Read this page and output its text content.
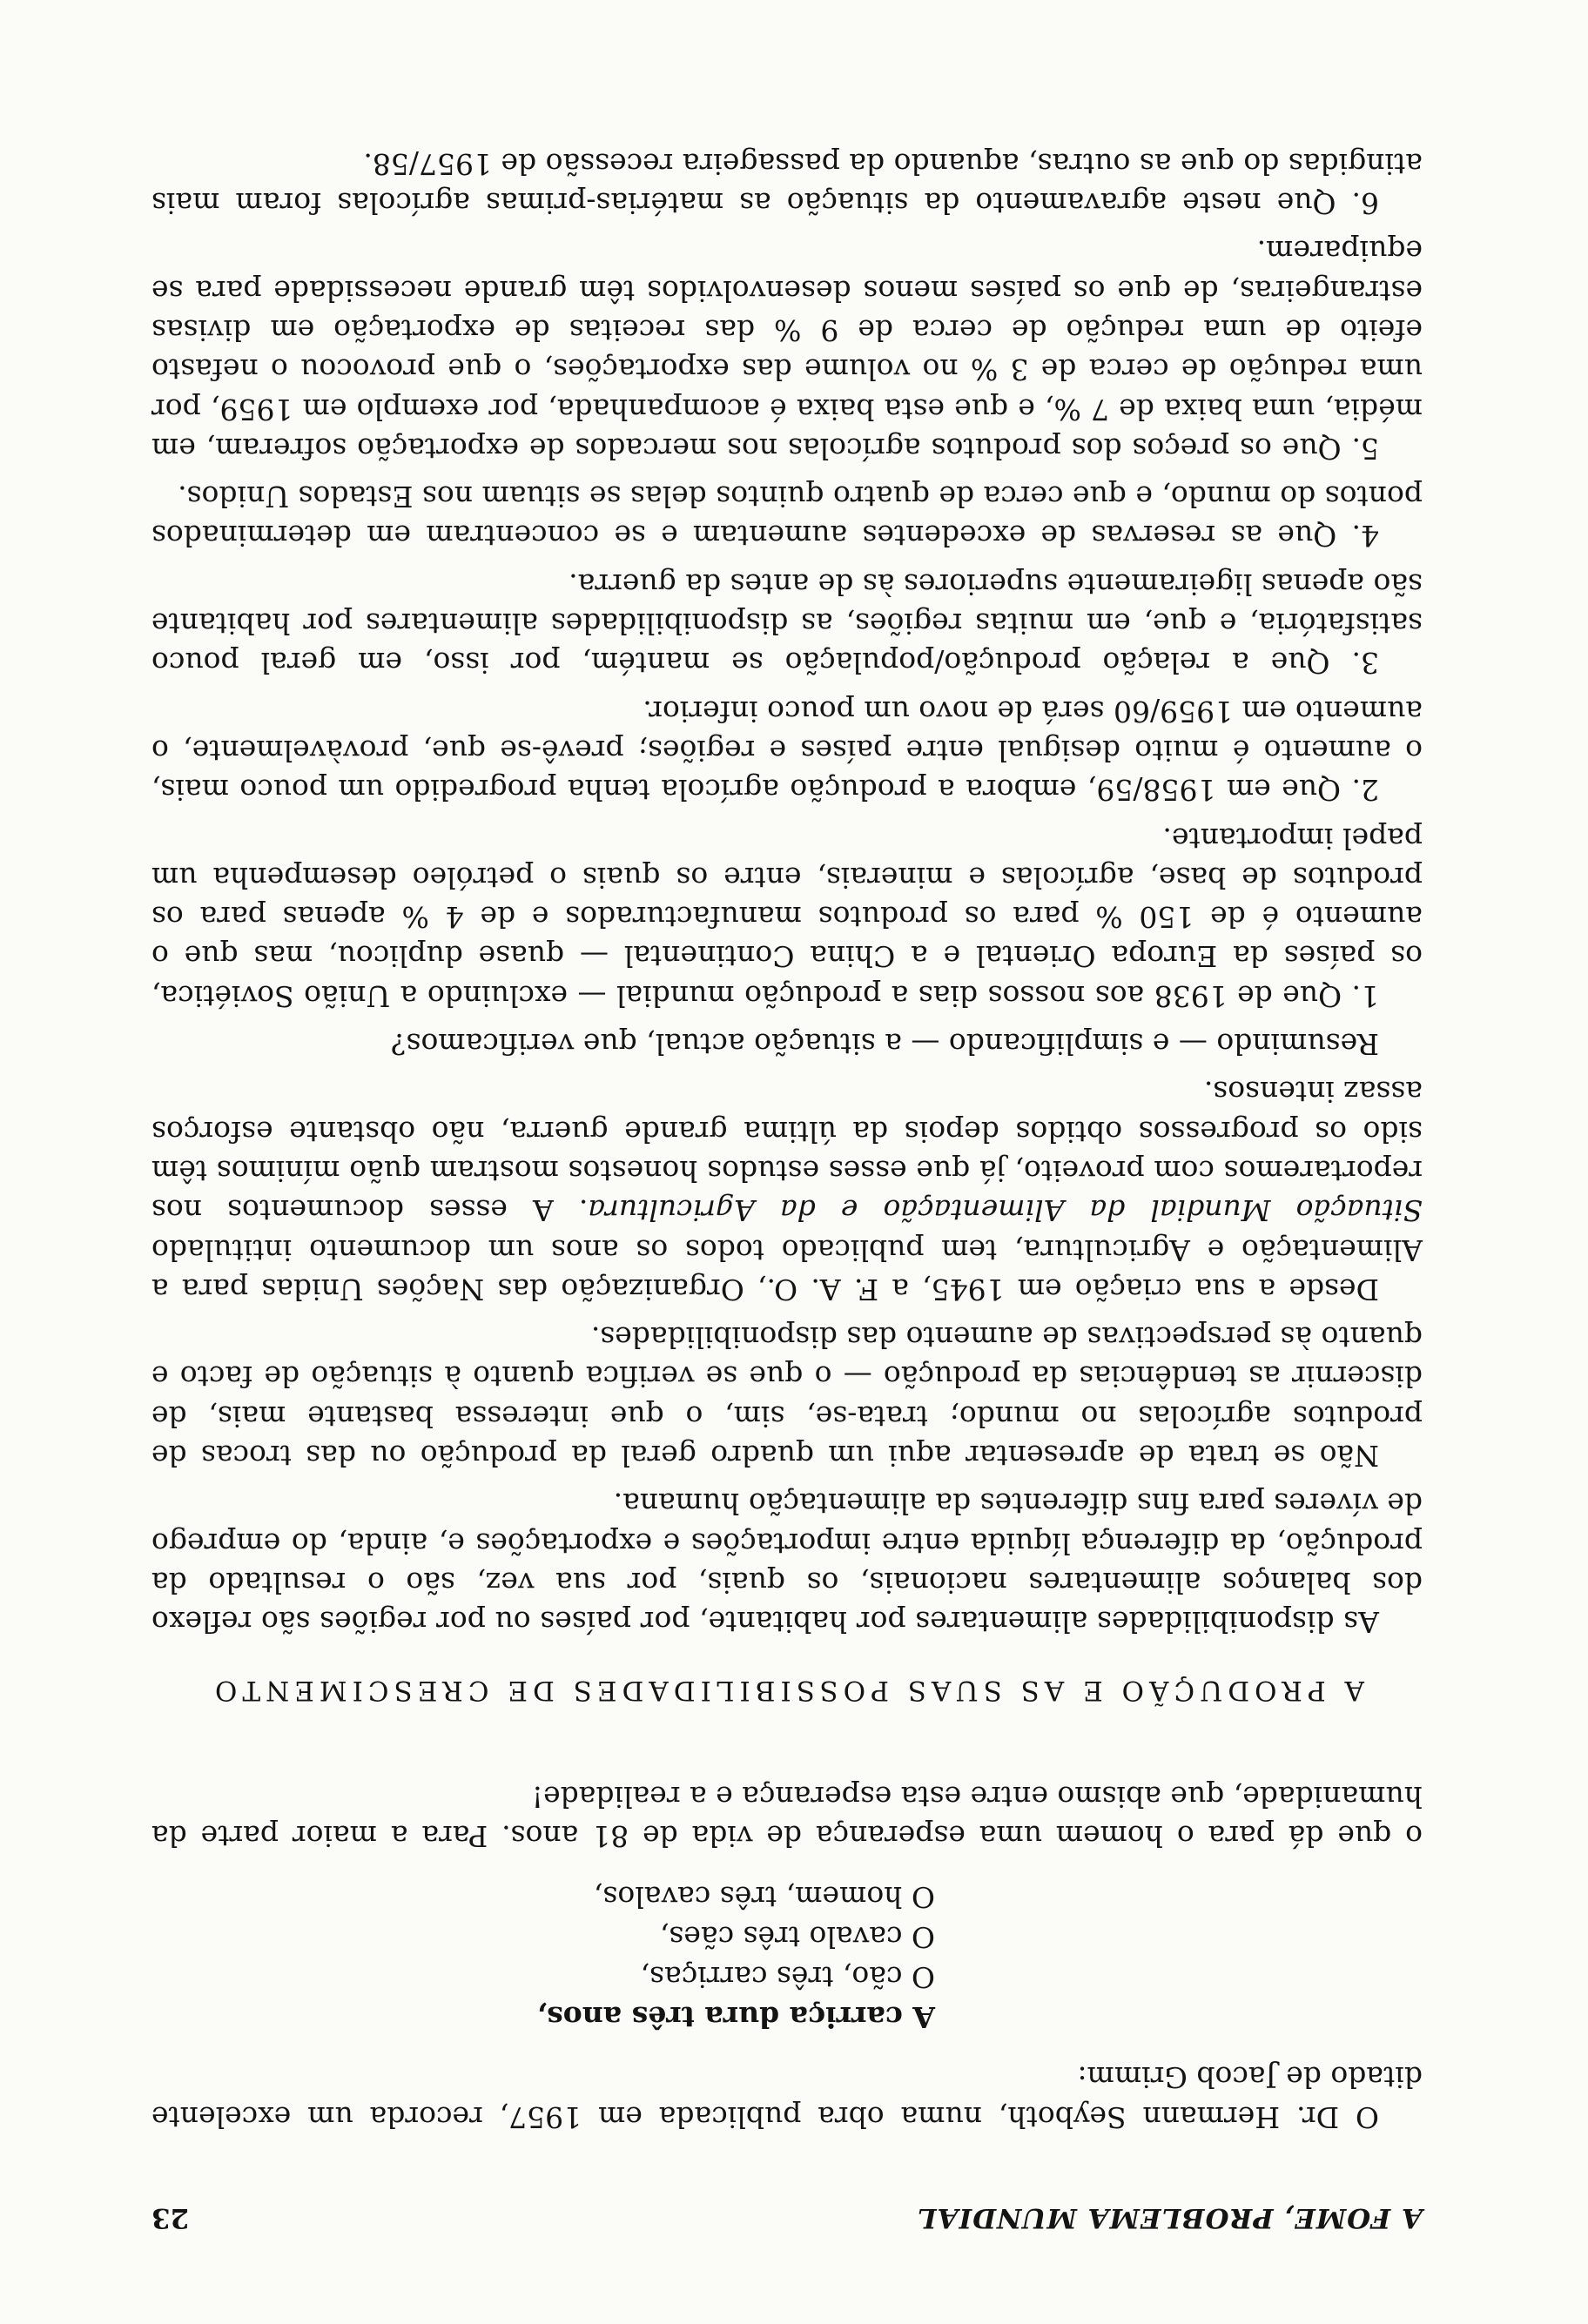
A FOME, PROBLEMA MUNDIAL
23

O Dr. Hermann Seyboth, numa obra publicada em 1957, recorda um excelente ditado de Jacob Grimm:

A carriça dura três anos,
O cão, três carriças,
O cavalo três cães,
O homem, três cavalos,

o que dá para o homem uma esperança de vida de 81 anos. Para a maior parte da humanidade, que abismo entre esta esperança e a realidade!

A PRODUÇÃO E AS SUAS POSSIBILIDADES DE CRESCIMENTO

As disponibilidades alimentares por habitante, por países ou por regiões são reflexo dos balanços alimentares nacionais, os quais, por sua vez, são o resultado da produção, da diferença líquida entre importações e exportações e, ainda, do emprego de víveres para fins diferentes da alimentação humana.

Não se trata de apresentar aqui um quadro geral da produção ou das trocas de produtos agrícolas no mundo; trata-se, sim, o que interessa bastante mais, de discernir as tendências da produção — o que se verifica quanto à situação de facto e quanto às perspectivas de aumento das disponibilidades.

Desde a sua criação em 1945, a F. A. O., Organização das Nações Unidas para a Alimentação e Agricultura, tem publicado todos os anos um documento intitulado Situação Mundial da Alimentação e da Agricultura. A esses documentos nos reportaremos com proveito, já que esses estudos honestos mostram quão mínimos têm sido os progressos obtidos depois da última grande guerra, não obstante esforços assaz intensos.

Resumindo — e simplificando — a situação actual, que verificamos?

1. Que de 1938 aos nossos dias a produção mundial — excluindo a União Soviética, os países da Europa Oriental e a China Continental — quase duplicou, mas que o aumento é de 150 % para os produtos manufacturados e de 4 % apenas para os produtos de base, agrícolas e minerais, entre os quais o petróleo desempenha um papel importante.

2. Que em 1958/59, embora a produção agrícola tenha progredido um pouco mais, o aumento é muito desigual entre países e regiões; prevê-se que, provàvelmente, o aumento em 1959/60 será de novo um pouco inferior.

3. Que a relação produção/população se mantém, por isso, em geral pouco satisfatória, e que, em muitas regiões, as disponibilidades alimentares por habitante são apenas ligeiramente superiores às de antes da guerra.

4. Que as reservas de excedentes aumentam e se concentram em determinados pontos do mundo, e que cerca de quatro quintos delas se situam nos Estados Unidos.

5. Que os preços dos produtos agrícolas nos mercados de exportação sofreram, em média, uma baixa de 7 %, e que esta baixa é acompanhada, por exemplo em 1959, por uma redução de cerca de 3 % no volume das exportações, o que provocou o nefasto efeito de uma redução de cerca de 9 % das receitas de exportação em divisas estrangeiras, de que os países menos desenvolvidos têm grande necessidade para se equiparem.

6. Que neste agravamento da situação as matérias-primas agrícolas foram mais atingidas do que as outras, aquando da passageira recessão de 1957/58.
